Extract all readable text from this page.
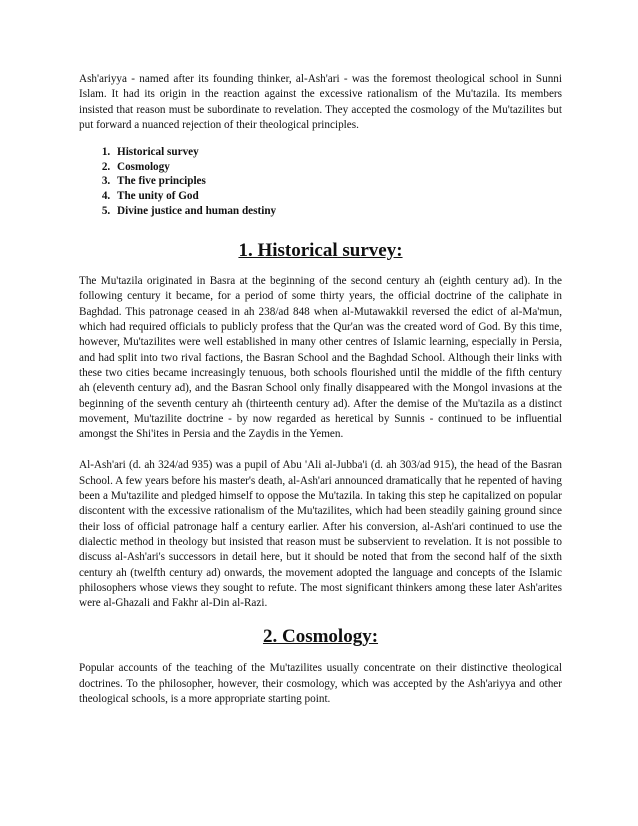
Ash'ariyya - named after its founding thinker, al-Ash'ari - was the foremost theological school in Sunni Islam. It had its origin in the reaction against the excessive rationalism of the Mu'tazila. Its members insisted that reason must be subordinate to revelation. They accepted the cosmology of the Mu'tazilites but put forward a nuanced rejection of their theological principles.

1. Historical survey
2. Cosmology
3. The five principles
4. The unity of God
5. Divine justice and human destiny
1. Historical survey:

The Mu'tazila originated in Basra at the beginning of the second century ah (eighth century ad). In the following century it became, for a period of some thirty years, the official doctrine of the caliphate in Baghdad. This patronage ceased in ah 238/ad 848 when al-Mutawakkil reversed the edict of al-Ma'mun, which had required officials to publicly profess that the Qur'an was the created word of God. By this time, however, Mu'tazilites were well established in many other centres of Islamic learning, especially in Persia, and had split into two rival factions, the Basran School and the Baghdad School. Although their links with these two cities became increasingly tenuous, both schools flourished until the middle of the fifth century ah (eleventh century ad), and the Basran School only finally disappeared with the Mongol invasions at the beginning of the seventh century ah (thirteenth century ad). After the demise of the Mu'tazila as a distinct movement, Mu'tazilite doctrine - by now regarded as heretical by Sunnis - continued to be influential amongst the Shi'ites in Persia and the Zaydis in the Yemen.

Al-Ash'ari (d. ah 324/ad 935) was a pupil of Abu 'Ali al-Jubba'i (d. ah 303/ad 915), the head of the Basran School. A few years before his master's death, al-Ash'ari announced dramatically that he repented of having been a Mu'tazilite and pledged himself to oppose the Mu'tazila. In taking this step he capitalized on popular discontent with the excessive rationalism of the Mu'tazilites, which had been steadily gaining ground since their loss of official patronage half a century earlier. After his conversion, al-Ash'ari continued to use the dialectic method in theology but insisted that reason must be subservient to revelation. It is not possible to discuss al-Ash'ari's successors in detail here, but it should be noted that from the second half of the sixth century ah (twelfth century ad) onwards, the movement adopted the language and concepts of the Islamic philosophers whose views they sought to refute. The most significant thinkers among these later Ash'arites were al-Ghazali and Fakhr al-Din al-Razi.

2. Cosmology:

Popular accounts of the teaching of the Mu'tazilites usually concentrate on their distinctive theological doctrines. To the philosopher, however, their cosmology, which was accepted by the Ash'ariyya and other theological schools, is a more appropriate starting point.
